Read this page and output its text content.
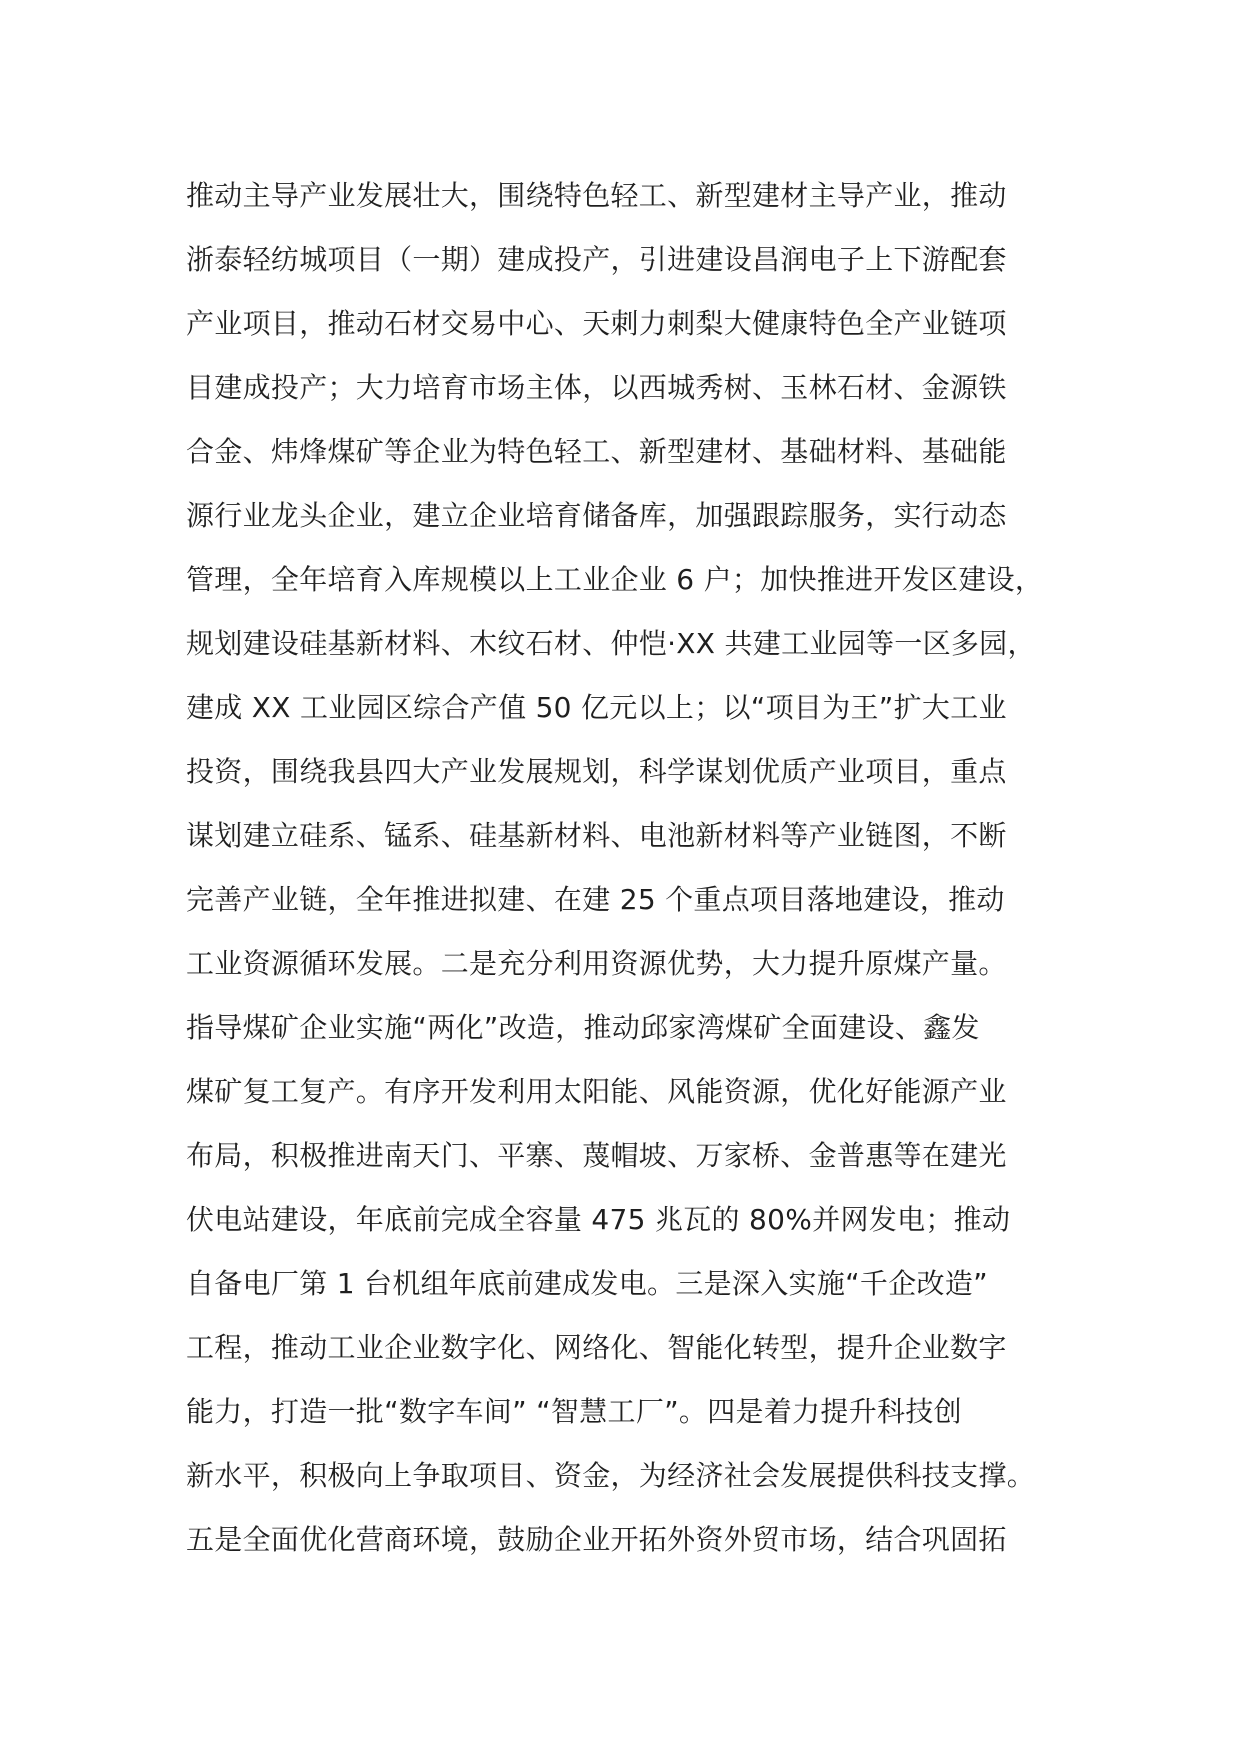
推动主导产业发展壮大，围绕特色轻工、新型建材主导产业，推动
浙泰轻纺城项目（一期）建成投产，引进建设昌润电子上下游配套
产业项目，推动石材交易中心、天刺力刺梨大健康特色全产业链项
目建成投产；大力培育市场主体，以西城秀树、玉林石材、金源铁
合金、炜烽煤矿等企业为特色轻工、新型建材、基础材料、基础能
源行业龙头企业，建立企业培育储备库，加强跟踪服务，实行动态
管理，全年培育入库规模以上工业企业 6 户；加快推进开发区建设，
规划建设硅基新材料、木纹石材、仲恺·XX 共建工业园等一区多园，
建成 XX 工业园区综合产值 50 亿元以上；以“项目为王”扩大工业
投资，围绕我县四大产业发展规划，科学谋划优质产业项目，重点
谋划建立硅系、锰系、硅基新材料、电池新材料等产业链图，不断
完善产业链，全年推进拟建、在建 25 个重点项目落地建设，推动
工业资源循环发展。二是充分利用资源优势，大力提升原煤产量。
指导煤矿企业实施“两化”改造，推动邱家湾煤矿全面建设、鑫发
煤矿复工复产。有序开发利用太阳能、风能资源，优化好能源产业
布局，积极推进南天门、平寨、蔑帽坡、万家桥、金普惠等在建光
伏电站建设，年底前完成全容量 475 兆瓦的 80%并网发电；推动
自备电厂第 1 台机组年底前建成发电。三是深入实施“千企改造”
工程，推动工业企业数字化、网络化、智能化转型，提升企业数字
能力，打造一批“数字车间” “智慧工厂”。四是着力提升科技创
新水平，积极向上争取项目、资金，为经济社会发展提供科技支撑。
五是全面优化营商环境，鼓励企业开拓外资外贸市场，结合巩固拓
